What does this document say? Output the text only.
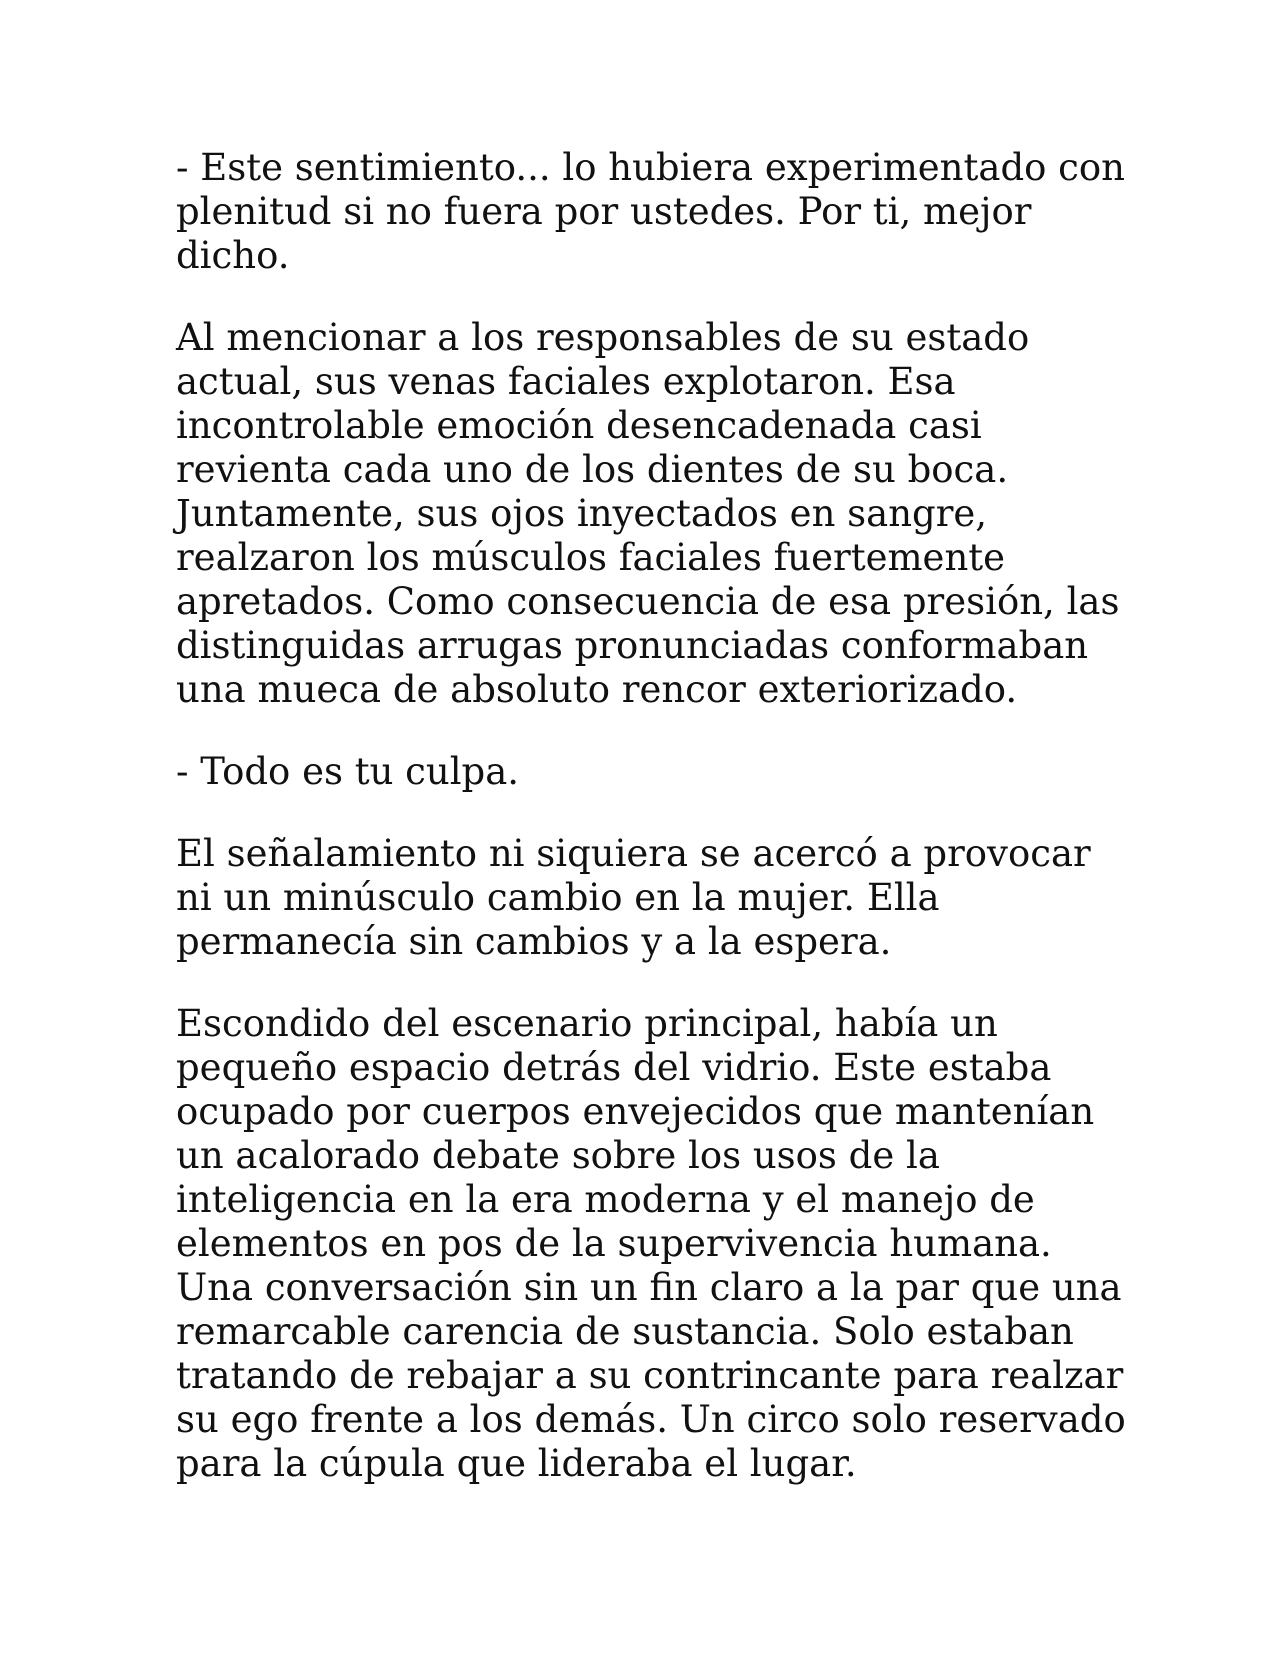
- Este sentimiento... lo hubiera experimentado con
plenitud si no fuera por ustedes. Por ti, mejor
dicho.

Al mencionar a los responsables de su estado
actual, sus venas faciales explotaron. Esa
incontrolable emoción desencadenada casi
revienta cada uno de los dientes de su boca.
Juntamente, sus ojos inyectados en sangre,
realzaron los músculos faciales fuertemente
apretados. Como consecuencia de esa presión, las
distinguidas arrugas pronunciadas conformaban
una mueca de absoluto rencor exteriorizado.

- Todo es tu culpa.

El señalamiento ni siquiera se acercó a provocar
ni un minúsculo cambio en la mujer. Ella
permanecía sin cambios y a la espera.

Escondido del escenario principal, había un
pequeño espacio detrás del vidrio. Este estaba
ocupado por cuerpos envejecidos que mantenían
un acalorado debate sobre los usos de la
inteligencia en la era moderna y el manejo de
elementos en pos de la supervivencia humana.
Una conversación sin un fin claro a la par que una
remarcable carencia de sustancia. Solo estaban
tratando de rebajar a su contrincante para realzar
su ego frente a los demás. Un circo solo reservado
para la cúpula que lideraba el lugar.
